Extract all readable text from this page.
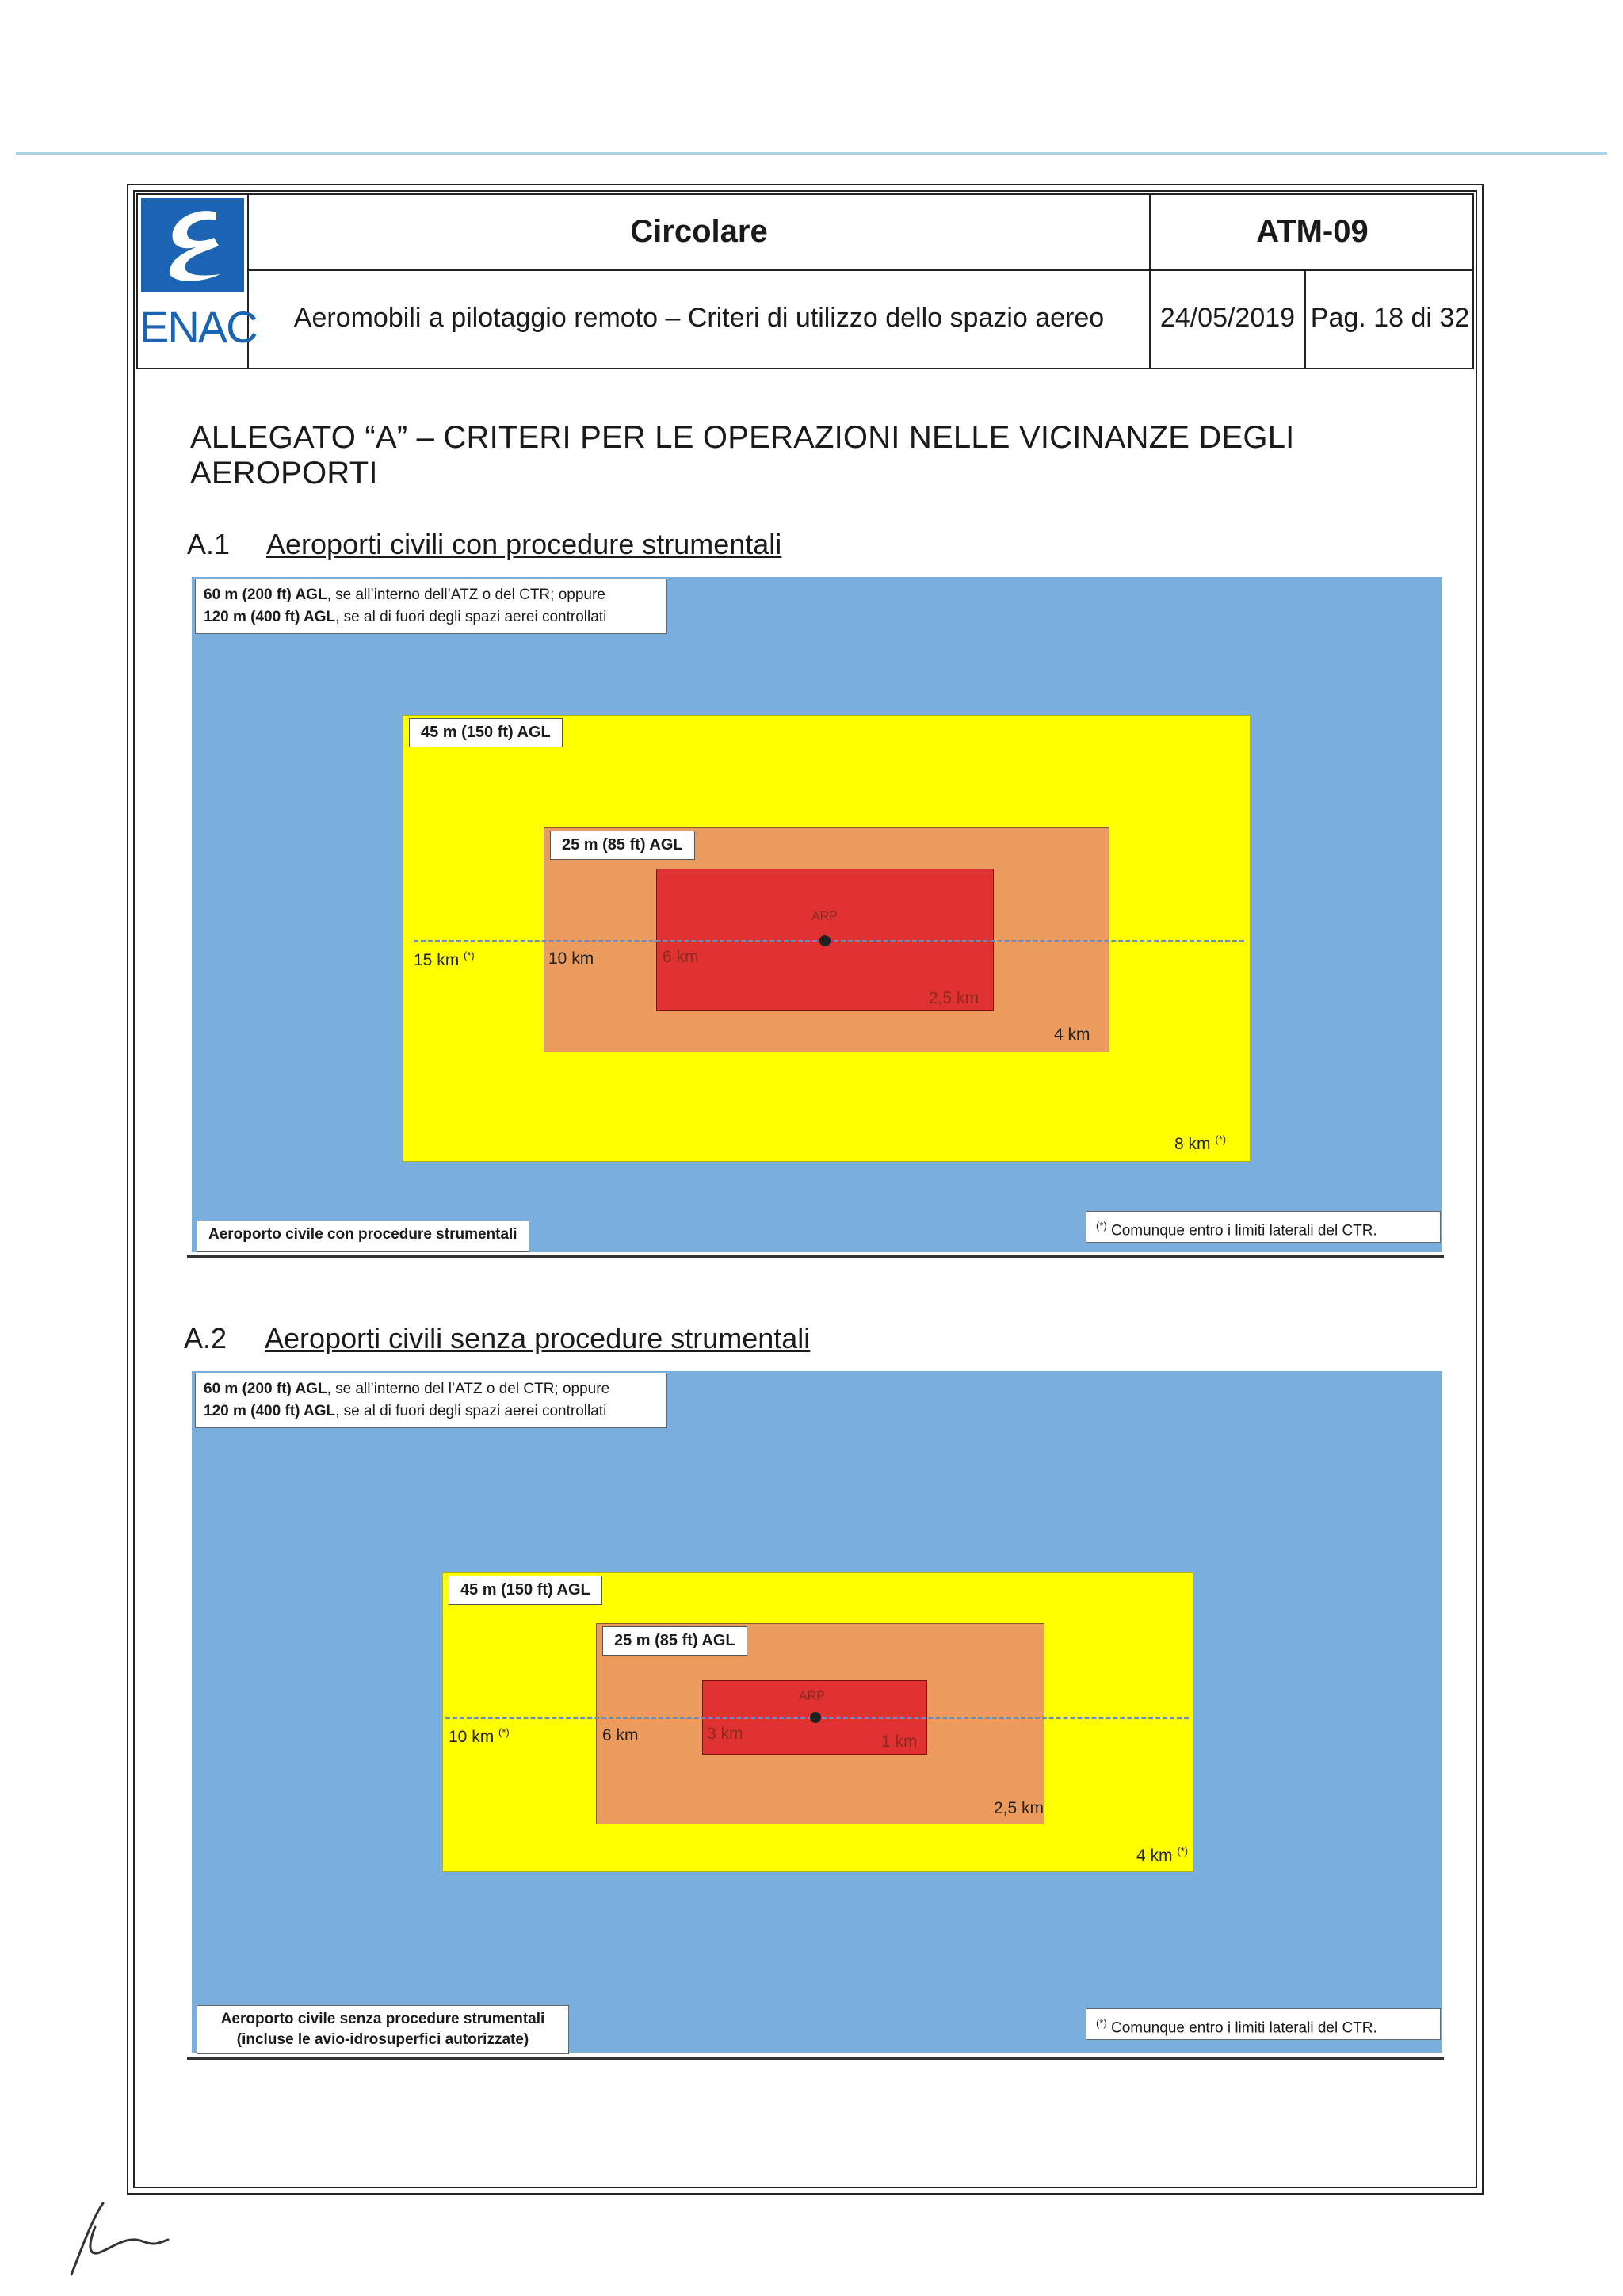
ENAC
Circolare	ATM-09
Aeromobili a pilotaggio remoto – Criteri di utilizzo dello spazio aereo	24/05/2019 Pag. 18 di 32
ALLEGATO “A” – CRITERI PER LE OPERAZIONI NELLE VICINANZE DEGLI AEROPORTI
A.1 Aeroporti civili con procedure strumentali
60 m (200 ft) AGL, se all’interno dell’ATZ o del CTR; oppure
120 m (400 ft) AGL, se al di fuori degli spazi aerei controllati
45 m (150 ft) AGL
25 m (85 ft) AGL
ARP
15 km (*)	10 km	6 km
2,5 km
4 km
8 km (*)
Aeroporto civile con procedure strumentali
(*) Comunque entro i limiti laterali del CTR.
A.2 Aeroporti civili senza procedure strumentali
60 m (200 ft) AGL, se all’interno del l’ATZ o del CTR; oppure
120 m (400 ft) AGL, se al di fuori degli spazi aerei controllati
45 m (150 ft) AGL
25 m (85 ft) AGL
ARP
10 km (*)	6 km	3 km	1 km
2,5 km
4 km (*)
Aeroporto civile senza procedure strumentali
(incluse le avio-idrosuperfici autorizzate)
(*) Comunque entro i limiti laterali del CTR.
